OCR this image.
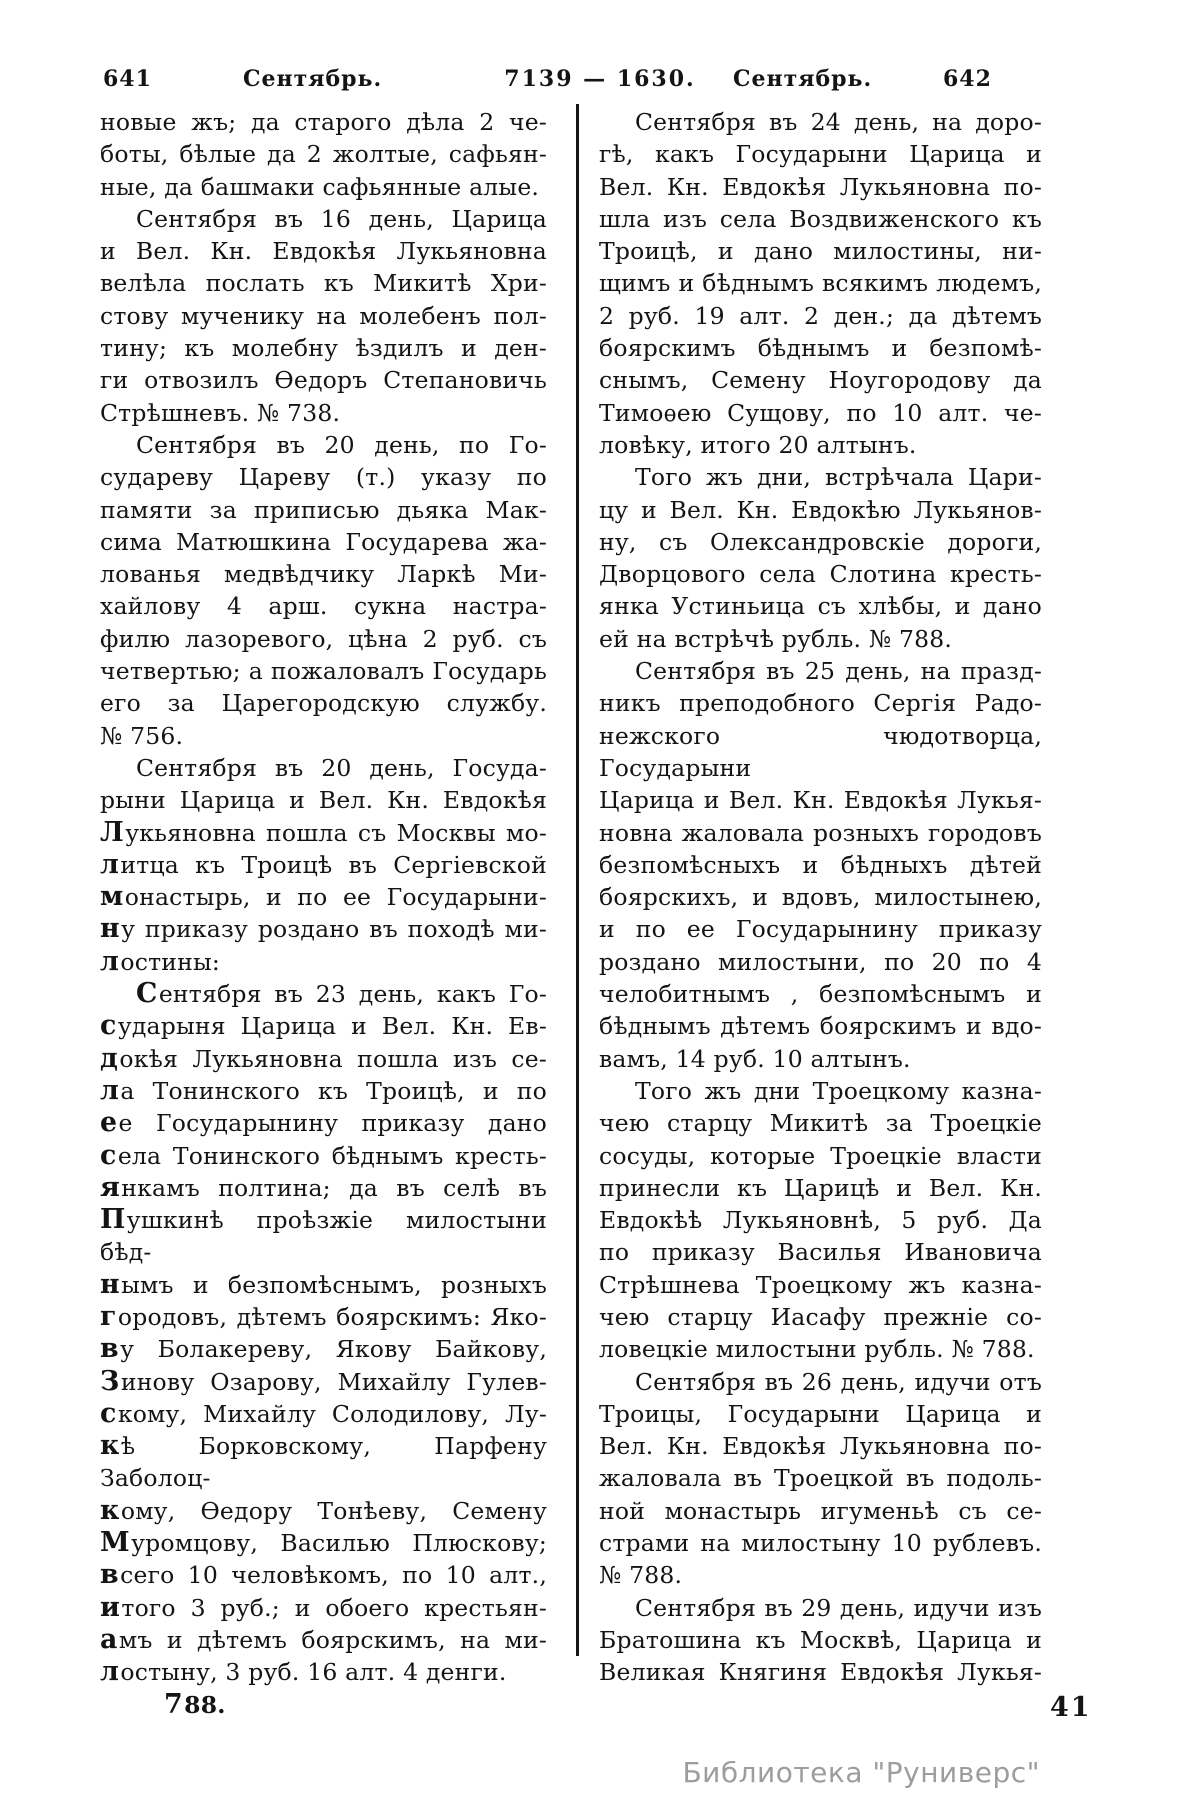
641	Сентябрь.	7139 — 1630.	Сентябрь.	642
новые жъ; да старого дѣла 2 че-
боты, бѣлые да 2 жолтые, сафьян-
ные, да башмаки сафьянные алые.
Сентября въ 16 день, Царица
и Вел. Кн. Евдокѣя Лукьяновна
велѣла послать къ Микитѣ Хри-
стову мученику на молебенъ пол-
тину; къ молебну ѣздилъ и ден-
ги отвозилъ Ѳедоръ Степановичь
Стрѣшневъ. № 738.
Сентября въ 20 день, по Го-
судареву Цареву (т.) указу по
памяти за приписью дьяка Мак-
сима Матюшкина Государева жа-
лованья медвѣдчику Ларкѣ Ми-
хайлову 4 арш. сукна настра-
филю лазоревого, цѣна 2 руб. съ
четвертью; а пожаловалъ Государь
его за Царегородскую службу.
№ 756.
Сентября въ 20 день, Госуда-
рыни Царица и Вел. Кн. Евдокѣя
Лукьяновна пошла съ Москвы мо-
литца къ Троицѣ въ Сергіевской
монастырь, и по ее Государыни-
ну приказу роздано въ походѣ ми-
лостины:
Сентября въ 23 день, какъ Го-
сударыня Царица и Вел. Кн. Ев-
докѣя Лукьяновна пошла изъ се-
ла Тонинского къ Троицѣ, и по
ее Государынину приказу дано
села Тонинского бѣднымъ кресть-
янкамъ полтина; да въ селѣ въ
Пушкинѣ проѣзжіе милостыни бѣд-
нымъ и безпомѣснымъ, розныхъ
городовъ, дѣтемъ боярскимъ: Яко-
ву Болакереву, Якову Байкову,
Зинову Озарову, Михайлу Гулев-
скому, Михайлу Солодилову, Лу-
кѣ Борковскому, Парфену Заболоц-
кому, Ѳедору Тонѣеву, Семену
Муромцову, Василью Плюскову;
всего 10 человѣкомъ, по 10 алт.,
итого 3 руб.; и обоего крестьян-
амъ и дѣтемъ боярскимъ, на ми-
лостыну, 3 руб. 16 алт. 4 денги.
788.
Сентября въ 24 день, на доро-
гѣ, какъ Государыни Царица и
Вел. Кн. Евдокѣя Лукьяновна по-
шла изъ села Воздвиженского къ
Троицѣ, и дано милостины, ни-
щимъ и бѣднымъ всякимъ людемъ,
2 руб. 19 алт. 2 ден.; да дѣтемъ
боярскимъ бѣднымъ и безпомѣ-
снымъ, Семену Ноугородову да
Тимоѳею Сущову, по 10 алт. че-
ловѣку, итого 20 алтынъ.
Того жъ дни, встрѣчала Цари-
цу и Вел. Кн. Евдокѣю Лукьянов-
ну, съ Олександровскіе дороги,
Дворцового села Слотина кресть-
янка Устиньица съ хлѣбы, и дано
ей на встрѣчѣ рубль. № 788.
Сентября въ 25 день, на празд-
никъ преподобного Сергія Радо-
нежского чюдотворца, Государыни
Царица и Вел. Кн. Евдокѣя Лукья-
новна жаловала розныхъ городовъ
безпомѣсныхъ и бѣдныхъ дѣтей
боярскихъ, и вдовъ, милостынею,
и по ее Государынину приказу
роздано милостыни, по 20 по 4
челобитнымъ , безпомѣснымъ и
бѣднымъ дѣтемъ боярскимъ и вдо-
вамъ, 14 руб. 10 алтынъ.
Того жъ дни Троецкому казна-
чею старцу Микитѣ за Троецкіе
сосуды, которые Троецкіе власти
принесли къ Царицѣ и Вел. Кн.
Евдокѣѣ Лукьяновнѣ, 5 руб. Да
по приказу Василья Ивановича
Стрѣшнева Троецкому жъ казна-
чею старцу Иасафу прежніе со-
ловецкіе милостыни рубль. № 788.
Сентября въ 26 день, идучи отъ
Троицы, Государыни Царица и
Вел. Кн. Евдокѣя Лукьяновна по-
жаловала въ Троецкой въ подоль-
ной монастырь игуменьѣ съ се-
страми на милостыну 10 рублевъ.
№ 788.
Сентября въ 29 день, идучи изъ
Братошина къ Москвѣ, Царица и
Великая Княгиня Евдокѣя Лукья-
41
Библиотека "Руниверс"
